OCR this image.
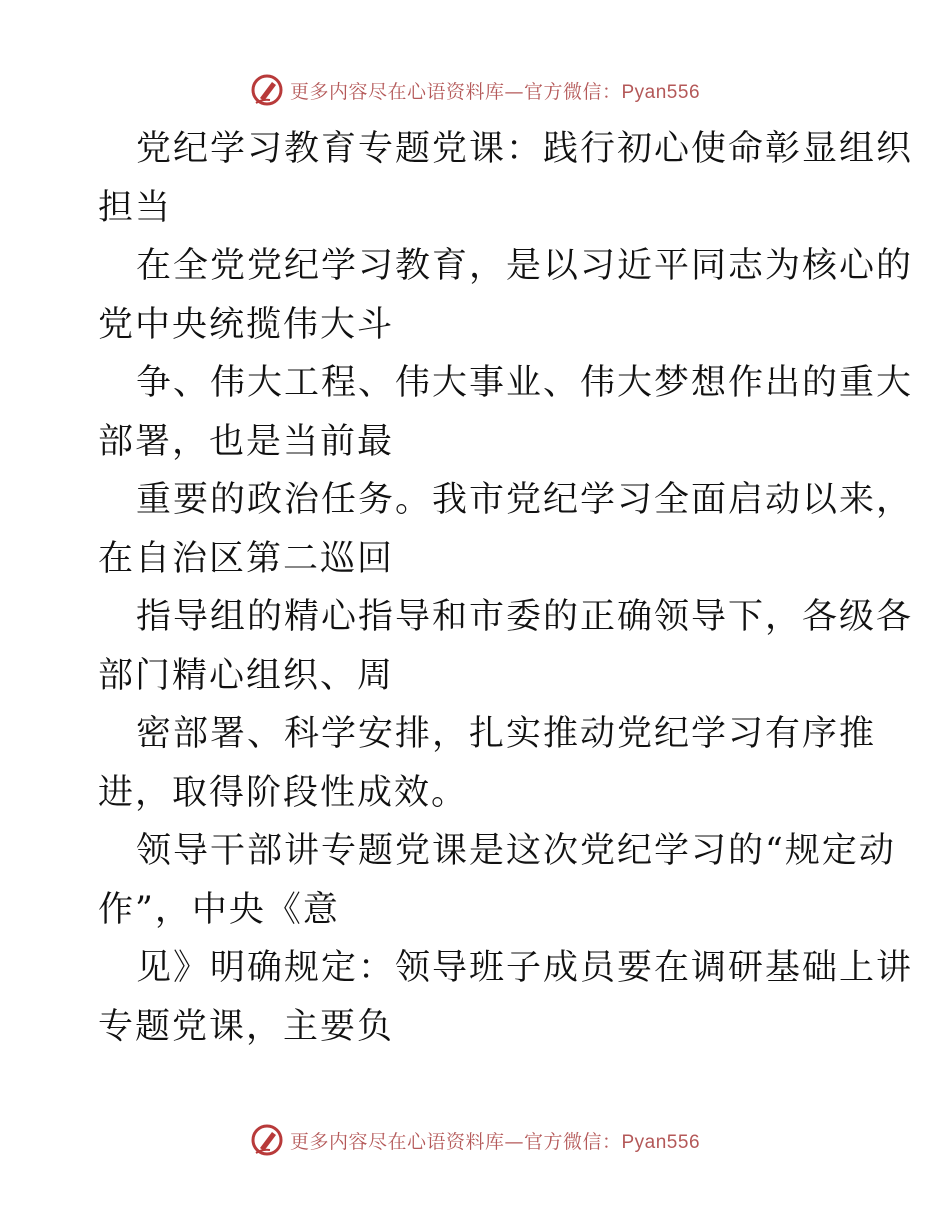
更多内容尽在心语资料库—官方微信：Pyan556
党纪学习教育专题党课：践行初心使命彰显组织
担当
在全党党纪学习教育，是以习近平同志为核心的
党中央统揽伟大斗
争、伟大工程、伟大事业、伟大梦想作出的重大
部署，也是当前最
重要的政治任务。我市党纪学习全面启动以来，
在自治区第二巡回
指导组的精心指导和市委的正确领导下，各级各
部门精心组织、周
密部署、科学安排，扎实推动党纪学习有序推
进，取得阶段性成效。
领导干部讲专题党课是这次党纪学习的“规定动
作”，中央《意
见》明确规定：领导班子成员要在调研基础上讲
专题党课，主要负
更多内容尽在心语资料库—官方微信：Pyan556
